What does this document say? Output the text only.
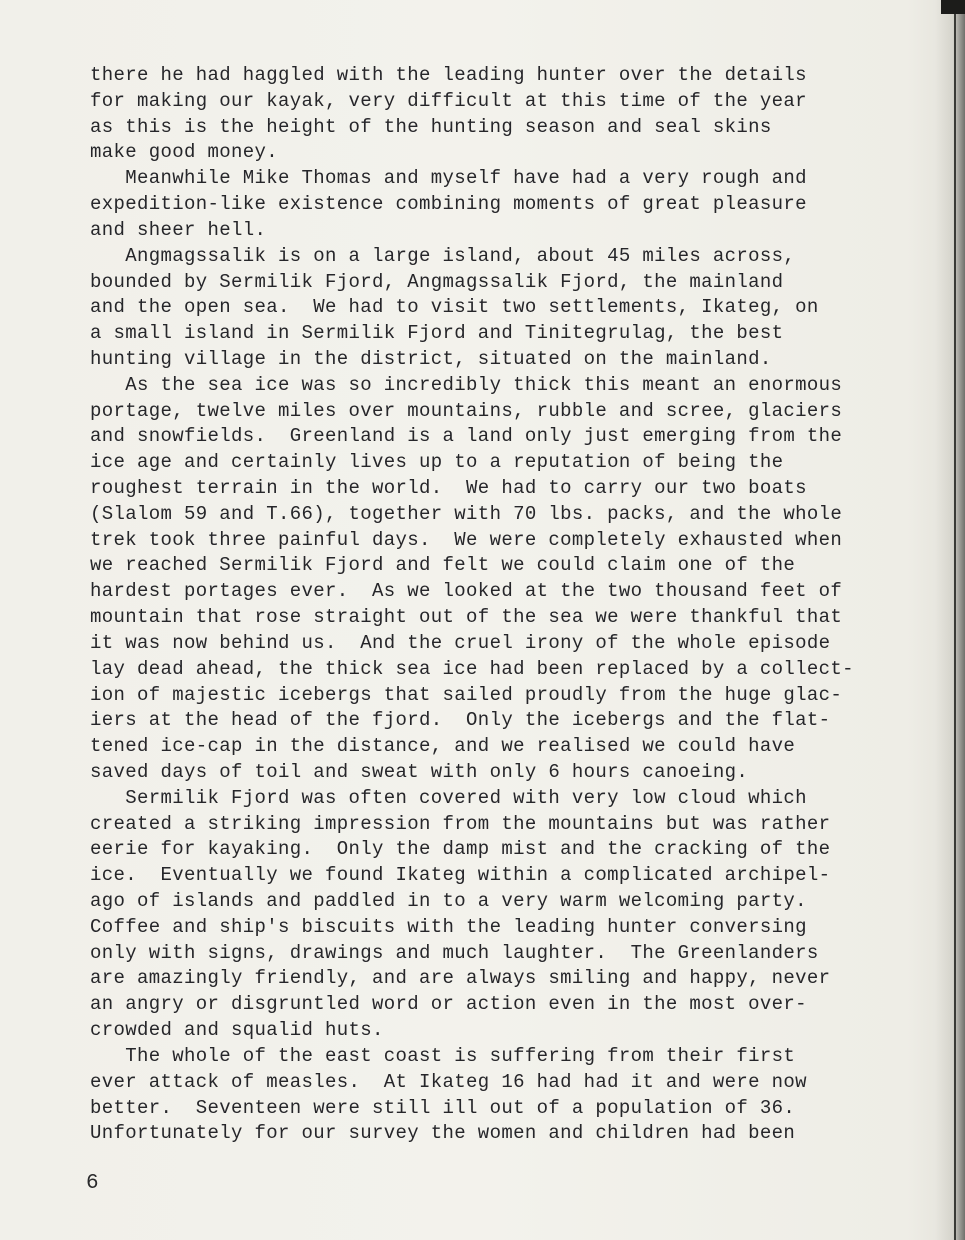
there he had haggled with the leading hunter over the details
for making our kayak, very difficult at this time of the year
as this is the height of the hunting season and seal skins
make good money.
Meanwhile Mike Thomas and myself have had a very rough and
expedition-like existence combining moments of great pleasure
and sheer hell.
Angmagssalik is on a large island, about 45 miles across,
bounded by Sermilik Fjord, Angmagssalik Fjord, the mainland
and the open sea.  We had to visit two settlements, Ikateg, on
a small island in Sermilik Fjord and Tinitegrulag, the best
hunting village in the district, situated on the mainland.
As the sea ice was so incredibly thick this meant an enormous
portage, twelve miles over mountains, rubble and scree, glaciers
and snowfields.  Greenland is a land only just emerging from the
ice age and certainly lives up to a reputation of being the
roughest terrain in the world.  We had to carry our two boats
(Slalom 59 and T.66), together with 70 lbs. packs, and the whole
trek took three painful days.  We were completely exhausted when
we reached Sermilik Fjord and felt we could claim one of the
hardest portages ever.  As we looked at the two thousand feet of
mountain that rose straight out of the sea we were thankful that
it was now behind us.  And the cruel irony of the whole episode
lay dead ahead, the thick sea ice had been replaced by a collect-
ion of majestic icebergs that sailed proudly from the huge glac-
iers at the head of the fjord.  Only the icebergs and the flat-
tened ice-cap in the distance, and we realised we could have
saved days of toil and sweat with only 6 hours canoeing.
Sermilik Fjord was often covered with very low cloud which
created a striking impression from the mountains but was rather
eerie for kayaking.  Only the damp mist and the cracking of the
ice.  Eventually we found Ikateg within a complicated archipel-
ago of islands and paddled in to a very warm welcoming party.
Coffee and ship's biscuits with the leading hunter conversing
only with signs, drawings and much laughter.  The Greenlanders
are amazingly friendly, and are always smiling and happy, never
an angry or disgruntled word or action even in the most over-
crowded and squalid huts.
The whole of the east coast is suffering from their first
ever attack of measles.  At Ikateg 16 had had it and were now
better.  Seventeen were still ill out of a population of 36.
Unfortunately for our survey the women and children had been
6
